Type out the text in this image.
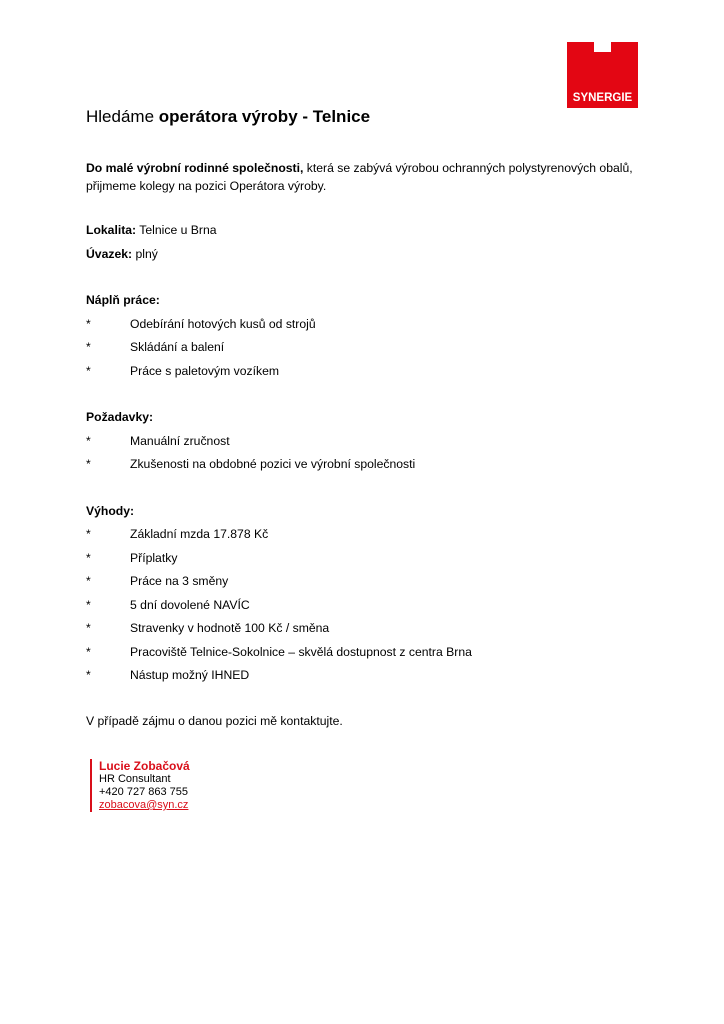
SYNERGIE
Hledáme operátora výroby - Telnice
Do malé výrobní rodinné společnosti, která se zabývá výrobou ochranných polystyrenových obalů, přijmeme kolegy na pozici Operátora výroby.
Lokalita: Telnice u Brna
Úvazek: plný
Náplň práce:
*	Odebírání hotových kusů od strojů
*	Skládání a balení
*	Práce s paletovým vozíkem
Požadavky:
*	Manuální zručnost
*	Zkušenosti na obdobné pozici ve výrobní společnosti
Výhody:
*	Základní mzda 17.878 Kč
*	Příplatky
*	Práce na 3 směny
*	5 dní dovolené NAVÍC
*	Stravenky v hodnotě 100 Kč / směna
*	Pracoviště Telnice-Sokolnice – skvělá dostupnost z centra Brna
*	Nástup možný IHNED
V případě zájmu o danou pozici mě kontaktujte.
Lucie Zobačová
HR Consultant
+420 727 863 755
zobacova@syn.cz
